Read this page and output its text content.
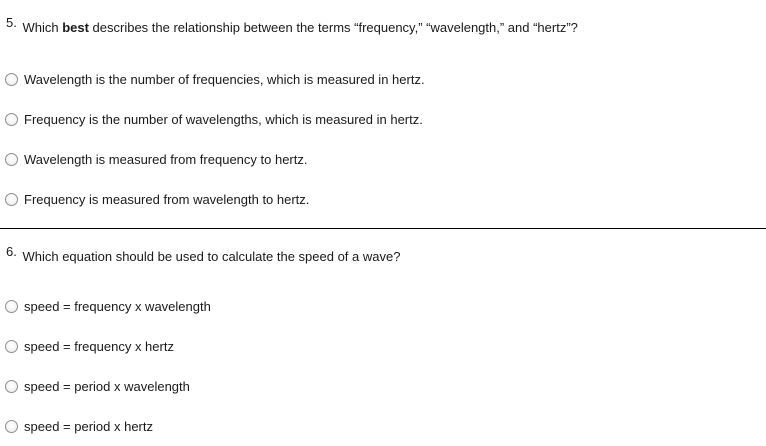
5. Which best describes the relationship between the terms “frequency,” “wavelength,” and “hertz”?
Wavelength is the number of frequencies, which is measured in hertz.
Frequency is the number of wavelengths, which is measured in hertz.
Wavelength is measured from frequency to hertz.
Frequency is measured from wavelength to hertz.
6. Which equation should be used to calculate the speed of a wave?
speed = frequency x wavelength
speed = frequency x hertz
speed = period x wavelength
speed = period x hertz
